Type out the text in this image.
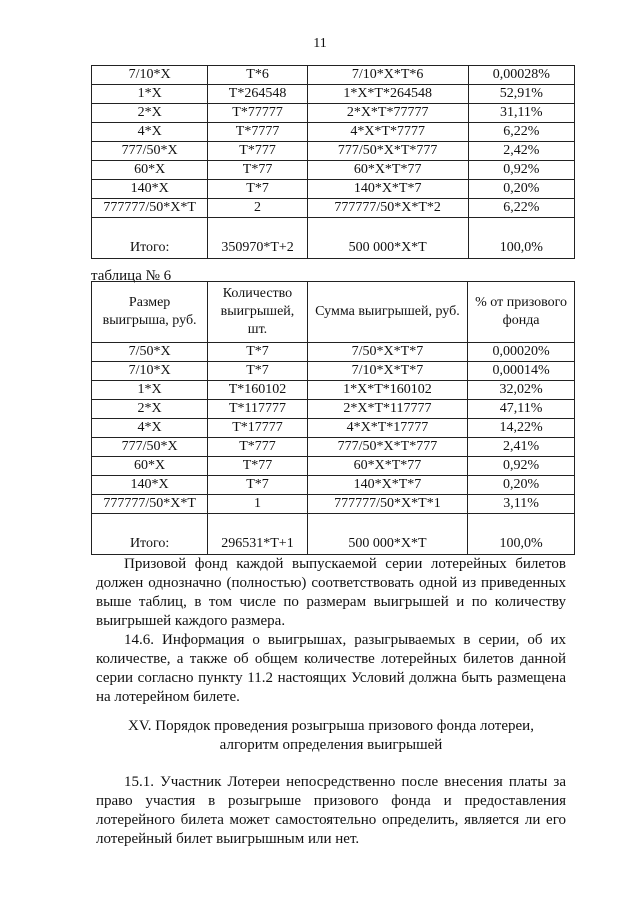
11
7/10*X	T*6	7/10*X*T*6	0,00028%
1*X	T*264548	1*X*T*264548	52,91%
2*X	T*77777	2*X*T*77777	31,11%
4*X	T*7777	4*X*T*7777	6,22%
777/50*X	T*777	777/50*X*T*777	2,42%
60*X	T*77	60*X*T*77	0,92%
140*X	T*7	140*X*T*7	0,20%
777777/50*X*T	2	777777/50*X*T*2	6,22%
Итого:	350970*T+2	500 000*X*T	100,0%
таблица № 6
Размер выигрыша, руб.	Количество выигрышей, шт.	Сумма выигрышей, руб.	% от призового фонда
7/50*X	T*7	7/50*X*T*7	0,00020%
7/10*X	T*7	7/10*X*T*7	0,00014%
1*X	T*160102	1*X*T*160102	32,02%
2*X	T*117777	2*X*T*117777	47,11%
4*X	T*17777	4*X*T*17777	14,22%
777/50*X	T*777	777/50*X*T*777	2,41%
60*X	T*77	60*X*T*77	0,92%
140*X	T*7	140*X*T*7	0,20%
777777/50*X*T	1	777777/50*X*T*1	3,11%
Итого:	296531*T+1	500 000*X*T	100,0%

Призовой фонд каждой выпускаемой серии лотерейных билетов должен однозначно (полностью) соответствовать одной из приведенных выше таблиц, в том числе по размерам выигрышей и по количеству выигрышей каждого размера.

14.6. Информация о выигрышах, разыгрываемых в серии, об их количестве, а также об общем количестве лотерейных билетов данной серии согласно пункту 11.2 настоящих Условий должна быть размещена на лотерейном билете.

XV. Порядок проведения розыгрыша призового фонда лотереи,

алгоритм определения выигрышей

15.1. Участник Лотереи непосредственно после внесения платы за право участия в розыгрыше призового фонда и предоставления лотерейного билета может самостоятельно определить, является ли его лотерейный билет выигрышным или нет.
